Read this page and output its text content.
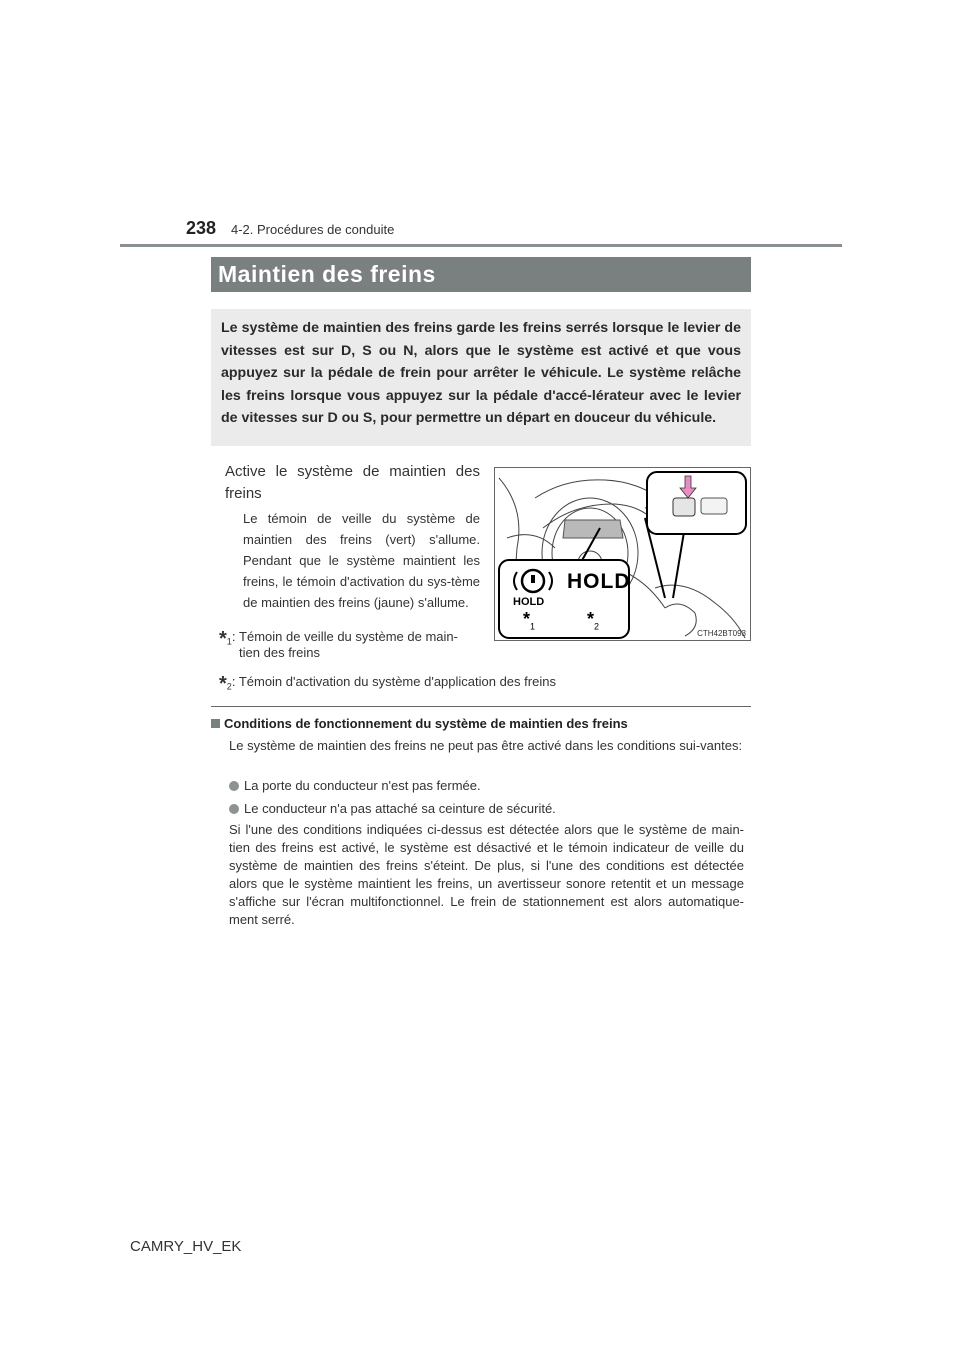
238 4-2. Procédures de conduite
Maintien des freins
Le système de maintien des freins garde les freins serrés lorsque le levier de vitesses est sur D, S ou N, alors que le système est activé et que vous appuyez sur la pédale de frein pour arrêter le véhicule. Le système relâche les freins lorsque vous appuyez sur la pédale d'accé-lérateur avec le levier de vitesses sur D ou S, pour permettre un départ en douceur du véhicule.
Active le système de maintien des freins
Le témoin de veille du système de maintien des freins (vert) s'allume. Pendant que le système maintient les freins, le témoin d'activation du sys-tème de maintien des freins (jaune) s'allume.
$*_1$: Témoin de veille du système de main-tien des freins
$*_2$: Témoin d'activation du système d'application des freins
HOLD
HOLD
$*_1$	$*_2$
CTH42BT093
Conditions de fonctionnement du système de maintien des freins
Le système de maintien des freins ne peut pas être activé dans les conditions sui-vantes:
La porte du conducteur n'est pas fermée.
Le conducteur n'a pas attaché sa ceinture de sécurité.
Si l'une des conditions indiquées ci-dessus est détectée alors que le système de main-tien des freins est activé, le système est désactivé et le témoin indicateur de veille du système de maintien des freins s'éteint. De plus, si l'une des conditions est détectée alors que le système maintient les freins, un avertisseur sonore retentit et un message s'affiche sur l'écran multifonctionnel. Le frein de stationnement est alors automatique-ment serré.
CAMRY_HV_EK
